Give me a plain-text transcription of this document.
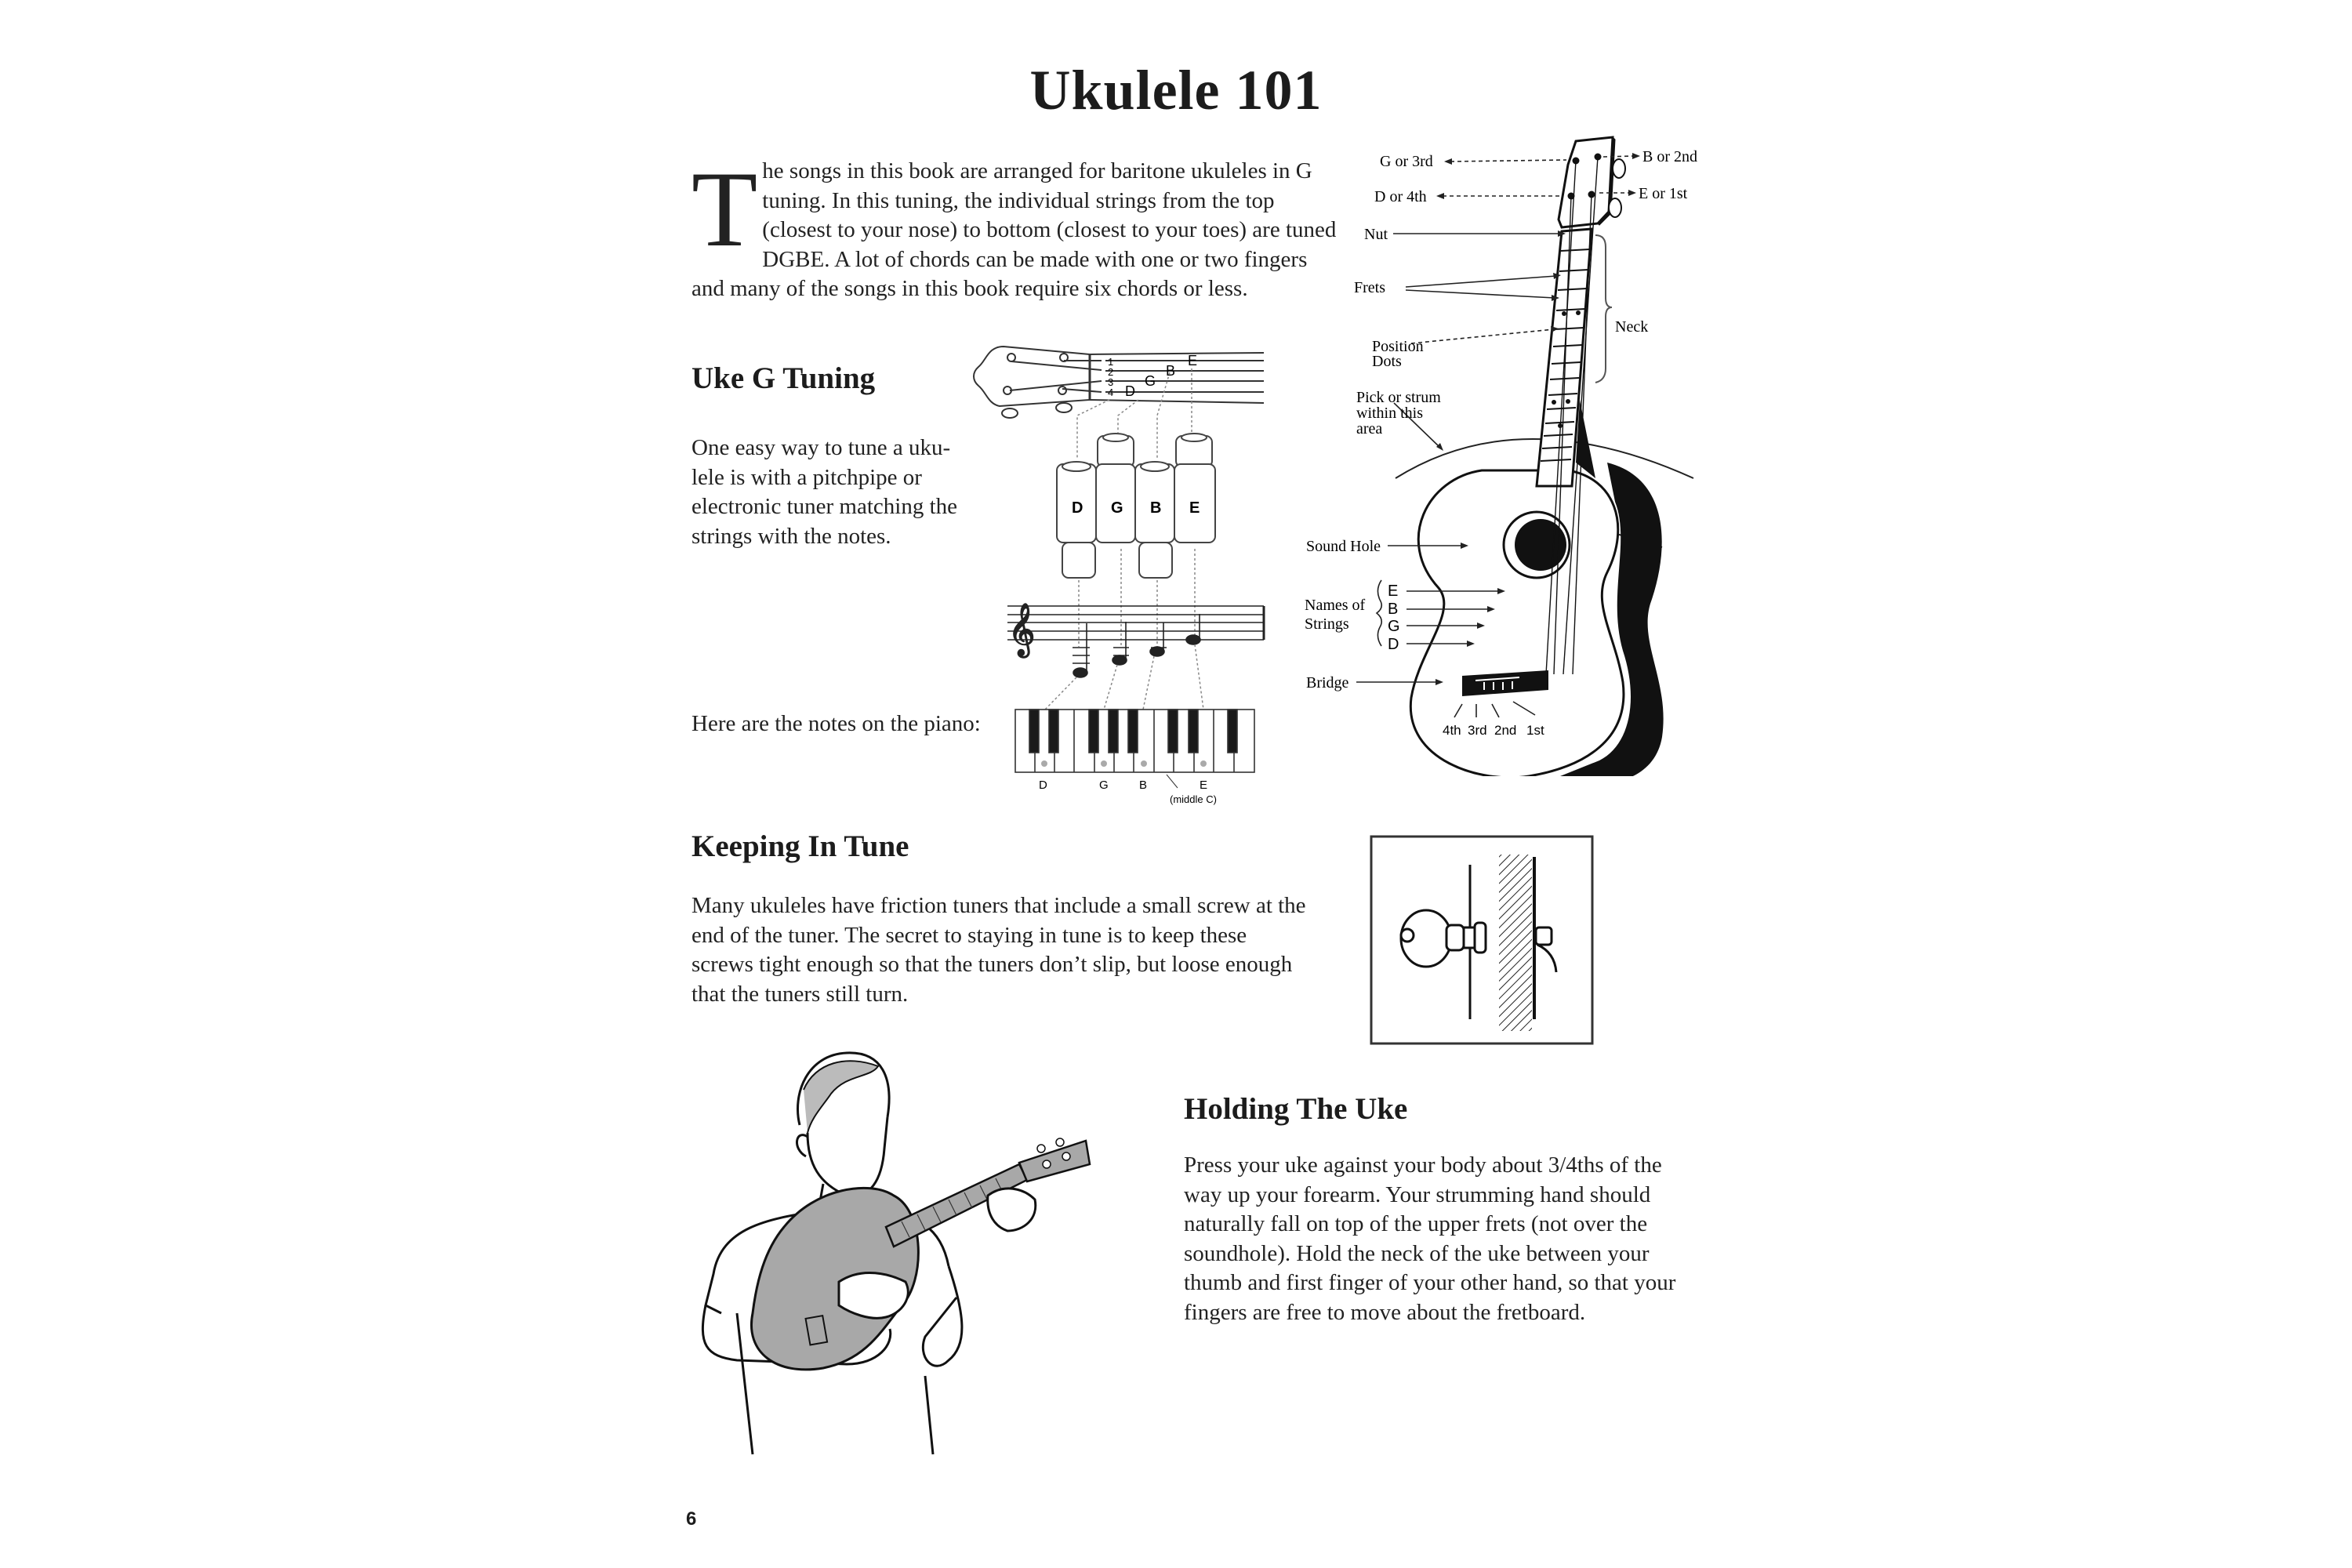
Ukulele 101
The songs in this book are arranged for baritone ukuleles in G tuning. In this tuning, the individual strings from the top (closest to your nose) to bottom (closest to your toes) are tuned DGBE. A lot of chords can be made with one or two fingers and many of the songs in this book require six chords or less.
Uke G Tuning
One easy way to tune a uku-lele is with a pitchpipe or electronic tuner matching the strings with the notes.
Here are the notes on the piano:
1
2
3
4
E
B
G
D
D G B E
𝄞
D	G	B	E
(middle C)
G or 3rd	B or 2nd
D or 4th	E or 1st
Nut
Frets
Neck
Position
Dots
Pick or strum
within this
area
Sound Hole
Names of
Strings
E
B
G
D
Bridge
4th 3rd 2nd 1st
Keeping In Tune
Many ukuleles have friction tuners that include a small screw at the end of the tuner. The secret to staying in tune is to keep these screws tight enough so that the tuners don’t slip, but loose enough that the tuners still turn.
Holding The Uke
Press your uke against your body about 3/4ths of the way up your forearm. Your strumming hand should naturally fall on top of the upper frets (not over the soundhole). Hold the neck of the uke between your thumb and first finger of your other hand, so that your fingers are free to move about the fretboard.
6
